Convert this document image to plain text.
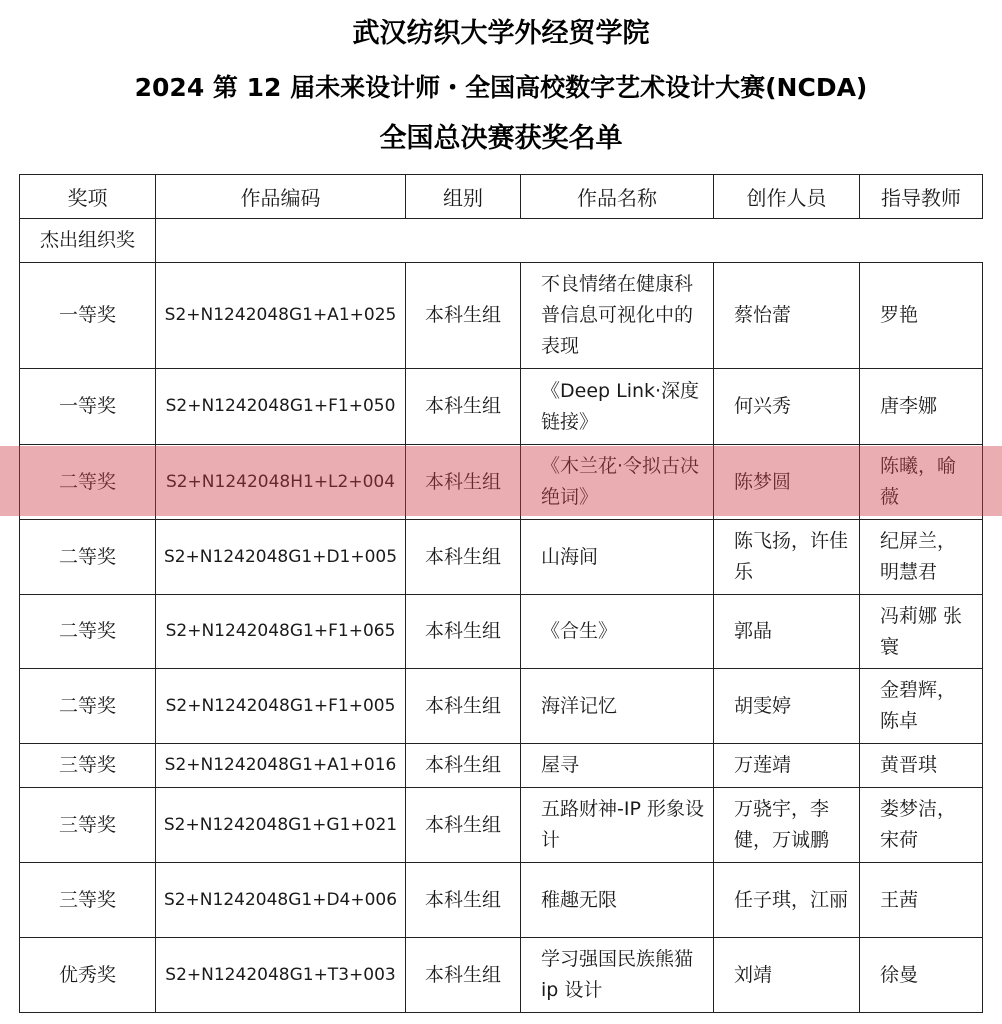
武汉纺织大学外经贸学院
2024 第 12 届未来设计师・全国高校数字艺术设计大赛(NCDA)
全国总决赛获奖名单
奖项	作品编码	组别	作品名称	创作人员	指导教师
杰出组织奖					
一等奖	S2+N1242048G1+A1+025	本科生组	不良情绪在健康科普信息可视化中的表现	蔡怡蕾	罗艳
一等奖	S2+N1242048G1+F1+050	本科生组	《Deep Link·深度链接》	何兴秀	唐李娜
二等奖	S2+N1242048H1+L2+004	本科生组	《木兰花·令拟古决绝词》	陈梦圆	陈曦，喻薇
二等奖	S2+N1242048G1+D1+005	本科生组	山海间	陈飞扬，许佳乐	纪屏兰，明慧君
二等奖	S2+N1242048G1+F1+065	本科生组	《合生》	郭晶	冯莉娜 张寰
二等奖	S2+N1242048G1+F1+005	本科生组	海洋记忆	胡雯婷	金碧辉，陈卓
三等奖	S2+N1242048G1+A1+016	本科生组	屋寻	万莲靖	黄晋琪
三等奖	S2+N1242048G1+G1+021	本科生组	五路财神-IP 形象设计	万骁宇，李健，万诚鹏	娄梦洁，宋荷
三等奖	S2+N1242048G1+D4+006	本科生组	稚趣无限	任子琪，江丽	王茜
优秀奖	S2+N1242048G1+T3+003	本科生组	学习强国民族熊猫 ip 设计	刘靖	徐曼
